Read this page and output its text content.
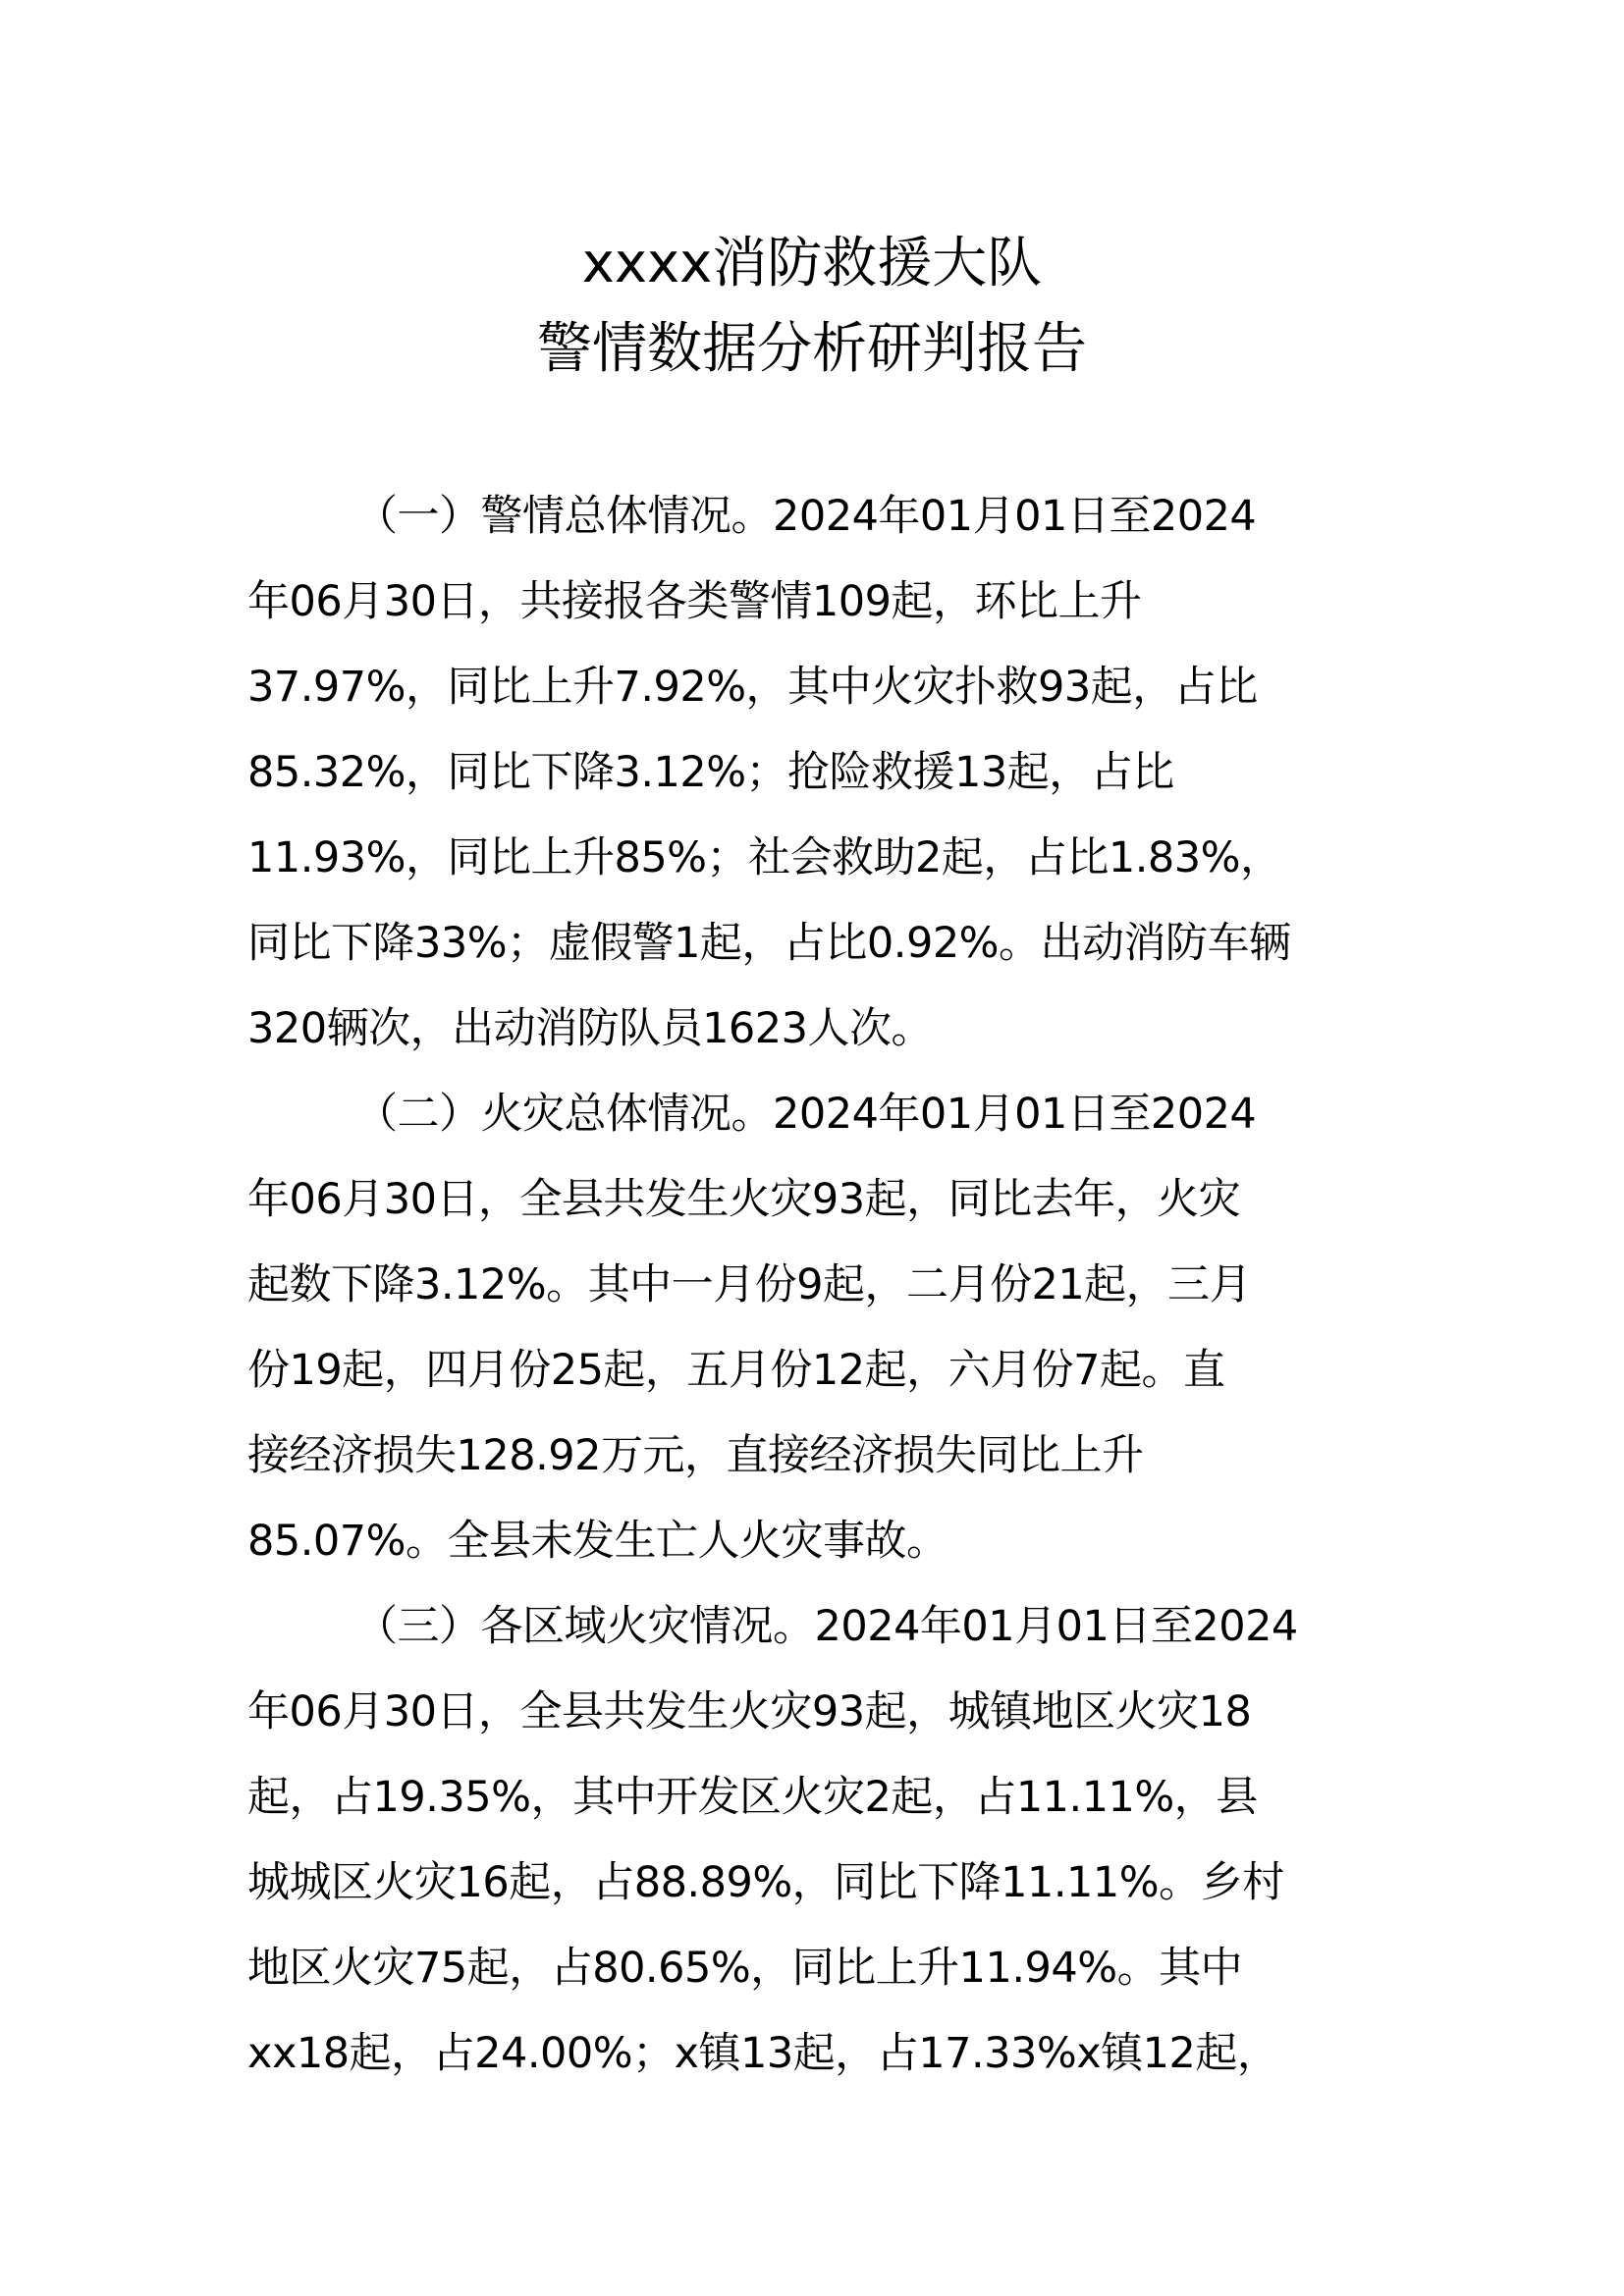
xxxx消防救援大队
警情数据分析研判报告
（一）警情总体情况。2024年01月01日至2024
年06月30日，共接报各类警情109起，环比上升
37.97%，同比上升7.92%，其中火灾扑救93起，占比
85.32%，同比下降3.12%；抢险救援13起，占比
11.93%，同比上升85%；社会救助2起，占比1.83%，
同比下降33%；虚假警1起，占比0.92%。出动消防车辆
320辆次，出动消防队员1623人次。
（二）火灾总体情况。2024年01月01日至2024
年06月30日，全县共发生火灾93起，同比去年，火灾
起数下降3.12%。其中一月份9起，二月份21起，三月
份19起，四月份25起，五月份12起，六月份7起。直
接经济损失128.92万元，直接经济损失同比上升
85.07%。全县未发生亡人火灾事故。
（三）各区域火灾情况。2024年01月01日至2024
年06月30日，全县共发生火灾93起，城镇地区火灾18
起，占19.35%，其中开发区火灾2起，占11.11%，县
城城区火灾16起，占88.89%，同比下降11.11%。乡村
地区火灾75起，占80.65%，同比上升11.94%。其中
xx18起，占24.00%；x镇13起，占17.33%x镇12起，
